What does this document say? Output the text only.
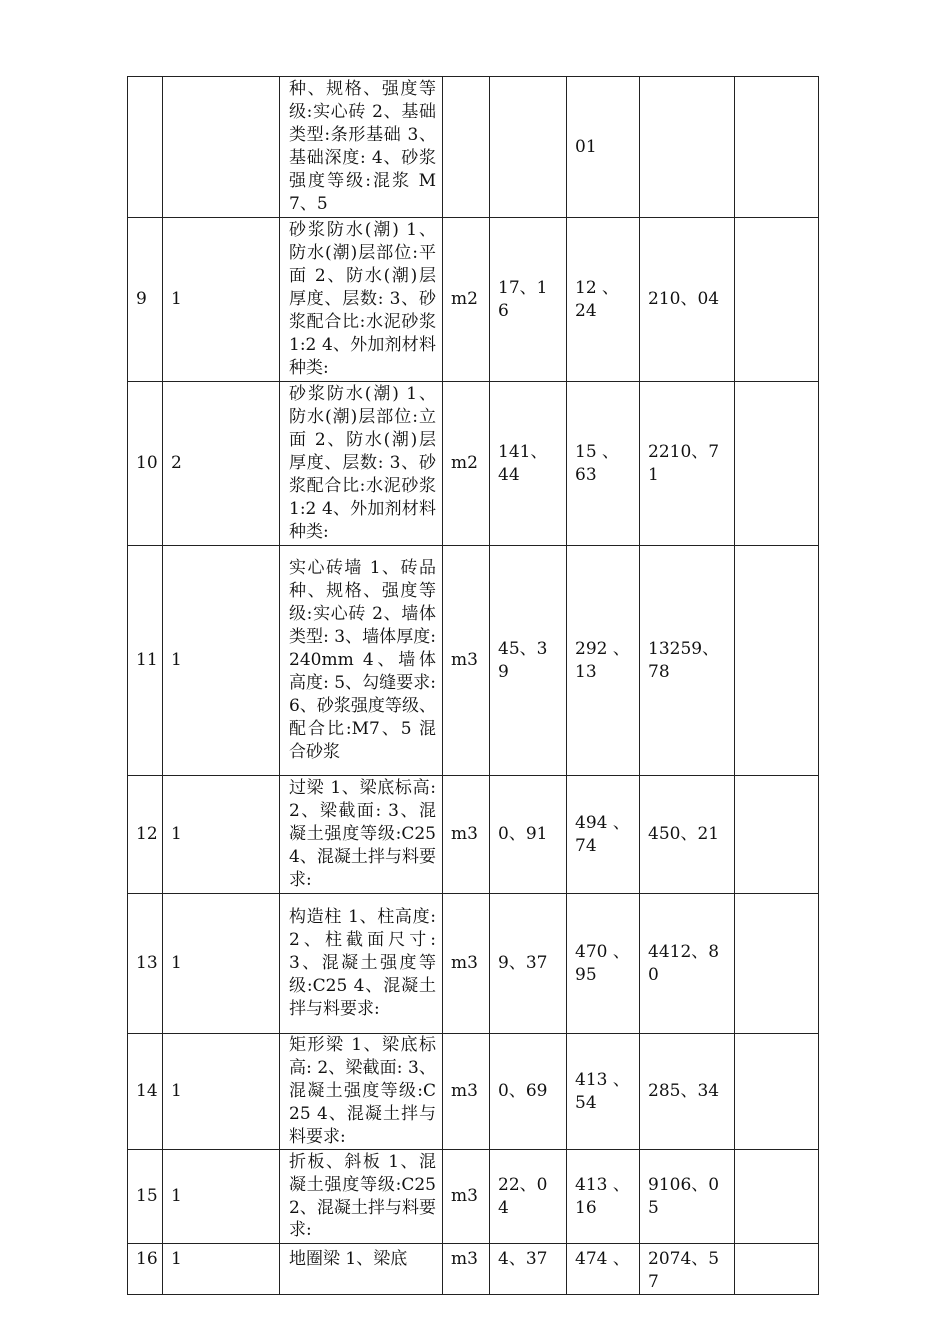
		种、规格、强度等级:实心砖 2、基础类型:条形基础 3、基础深度: 4、砂浆强度等级:混浆 M7、5			01		
9	1	砂浆防水(潮) 1、防水(潮)层部位:平面 2、防水(潮)层厚度、层数: 3、砂浆配合比:水泥砂浆 1:2 4、外加剂材料种类:	m2	17、16	12 、 24	210、04	
10	2	砂浆防水(潮) 1、防水(潮)层部位:立面 2、防水(潮)层厚度、层数: 3、砂浆配合比:水泥砂浆 1:2 4、外加剂材料种类:	m2	141、44	15 、 63	2210、71	
11	1	实心砖墙 1、砖品种、规格、强度等级:实心砖 2、墙体类型: 3、墙体厚度:240mm 4、墙体高度: 5、勾缝要求: 6、砂浆强度等级、配合比:M7、5 混合砂浆	m3	45、39	292 、13	13259、78	
12	1	过梁 1、梁底标高: 2、梁截面: 3、混凝土强度等级:C25 4、混凝土拌与料要求:	m3	0、91	494 、74	450、21	
13	1	构造柱 1、柱高度: 2、柱截面尺寸: 3、混凝土强度等级:C25 4、混凝土拌与料要求:	m3	9、37	470 、95	4412、80	
14	1	矩形梁 1、梁底标高: 2、梁截面: 3、混凝土强度等级:C25 4、混凝土拌与料要求:	m3	0、69	413 、54	285、34	
15	1	折板、斜板 1、混凝土强度等级:C25 2、混凝土拌与料要求:	m3	22、04	413 、16	9106、05	
16	1	地圈梁 1、梁底	m3	4、37	474 、	2074、57	
